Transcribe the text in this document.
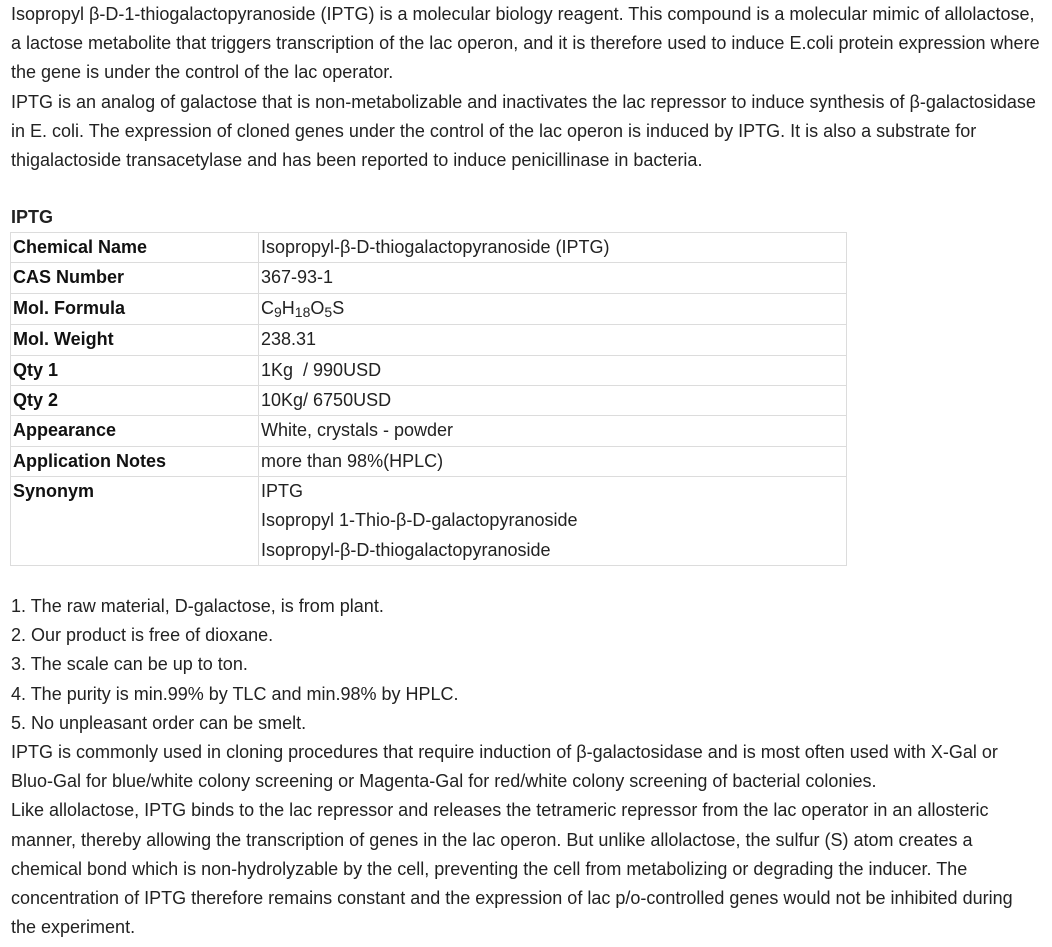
Isopropyl β-D-1-thiogalactopyranoside (IPTG) is a molecular biology reagent. This compound is a molecular mimic of allolactose, a lactose metabolite that triggers transcription of the lac operon, and it is therefore used to induce E.coli protein expression where the gene is under the control of the lac operator.

IPTG is an analog of galactose that is non-metabolizable and inactivates the lac repressor to induce synthesis of β-galactosidase in E. coli. The expression of cloned genes under the control of the lac operon is induced by IPTG. It is also a substrate for thigalactoside transacetylase and has been reported to induce penicillinase in bacteria.

IPTG
Chemical Name	Isopropyl-β-D-thiogalactopyranoside (IPTG)
CAS Number	367-93-1
Mol. Formula	$C_9H_{18}O_5S$
Mol. Weight	238.31
Qty 1	1Kg  / 990USD
Qty 2	10Kg/ 6750USD
Appearance	White, crystals - powder
Application Notes	more than 98%(HPLC)
Synonym	IPTG
Isopropyl 1-Thio-β-D-galactopyranoside
Isopropyl-β-D-thiogalactopyranoside
1. The raw material, D-galactose, is from plant.
2. Our product is free of dioxane.
3. The scale can be up to ton.
4. The purity is min.99% by TLC and min.98% by HPLC.
5. No unpleasant order can be smelt.

IPTG is commonly used in cloning procedures that require induction of β-galactosidase and is most often used with X-Gal or Bluo-Gal for blue/white colony screening or Magenta-Gal for red/white colony screening of bacterial colonies.

Like allolactose, IPTG binds to the lac repressor and releases the tetrameric repressor from the lac operator in an allosteric manner, thereby allowing the transcription of genes in the lac operon. But unlike allolactose, the sulfur (S) atom creates a chemical bond which is non-hydrolyzable by the cell, preventing the cell from metabolizing or degrading the inducer. The concentration of IPTG therefore remains constant and the expression of lac p/o-controlled genes would not be inhibited during the experiment.
